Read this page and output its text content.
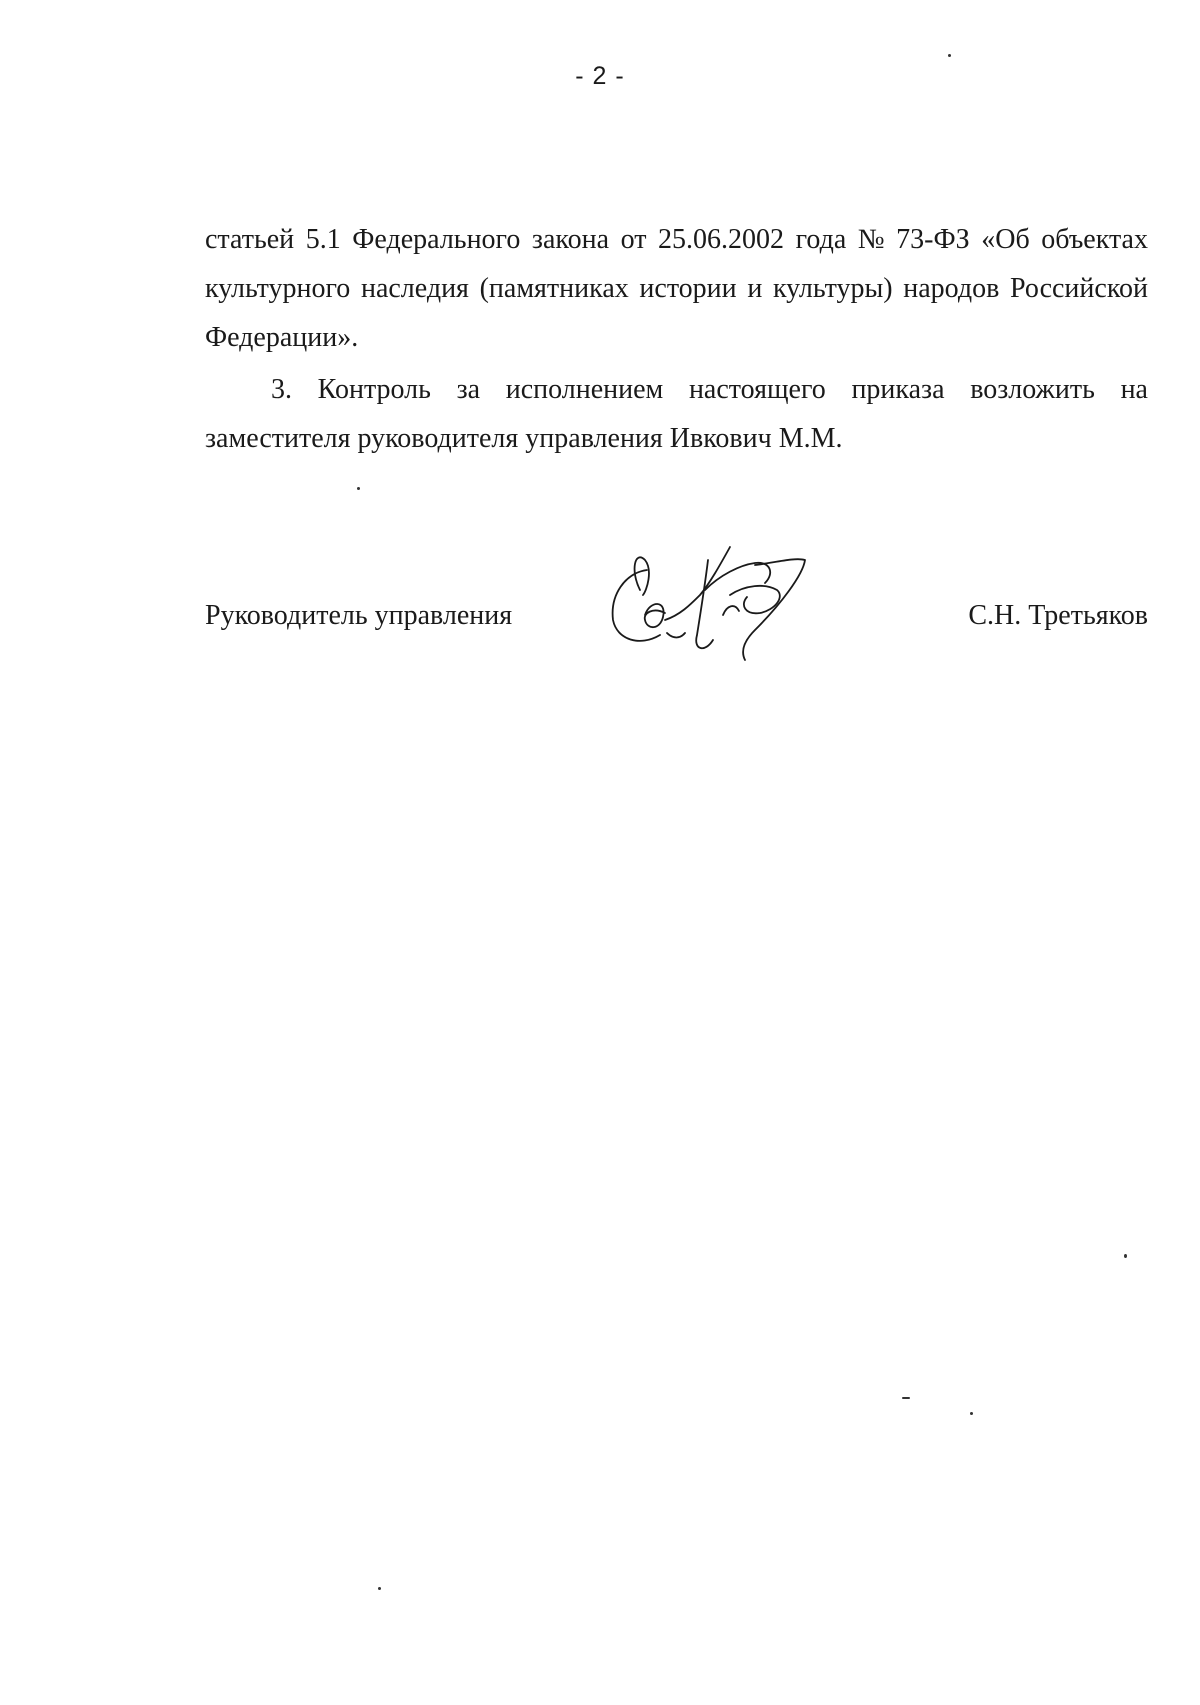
- 2 -
статьей 5.1 Федерального закона от 25.06.2002 года № 73-ФЗ «Об объектах
культурного наследия (памятниках истории и культуры) народов Российской
Федерации».
3. Контроль за исполнением настоящего приказа возложить на
заместителя руководителя управления Ивкович М.М.
Руководитель управления	С.Н. Третьяков
